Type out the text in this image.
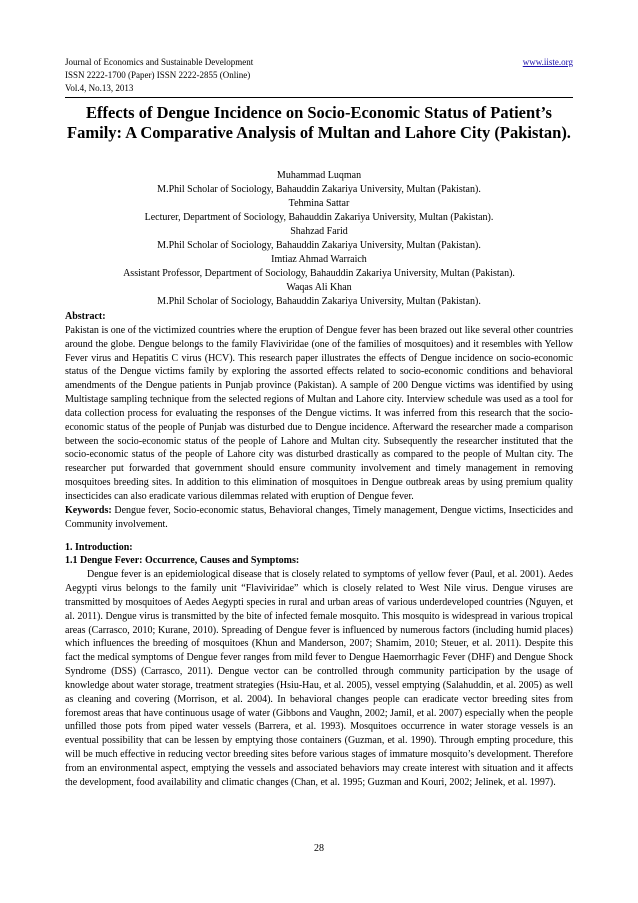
Journal of Economics and Sustainable Development
ISSN 2222-1700 (Paper) ISSN 2222-2855 (Online)
Vol.4, No.13, 2013
www.iiste.org
Effects of Dengue Incidence on Socio-Economic Status of Patient’s Family: A Comparative Analysis of Multan and Lahore City (Pakistan).
Muhammad Luqman
M.Phil Scholar of Sociology, Bahauddin Zakariya University, Multan (Pakistan).
Tehmina Sattar
Lecturer, Department of Sociology, Bahauddin Zakariya University, Multan (Pakistan).
Shahzad Farid
M.Phil Scholar of Sociology, Bahauddin Zakariya University, Multan (Pakistan).
Imtiaz Ahmad Warraich
Assistant Professor, Department of Sociology, Bahauddin Zakariya University, Multan (Pakistan).
Waqas Ali Khan
M.Phil Scholar of Sociology, Bahauddin Zakariya University, Multan (Pakistan).
Abstract:

Pakistan is one of the victimized countries where the eruption of Dengue fever has been brazed out like several other countries around the globe. Dengue belongs to the family Flaviviridae (one of the families of mosquitoes) and it resembles with Yellow Fever virus and Hepatitis C virus (HCV). This research paper illustrates the effects of Dengue incidence on socio-economic status of the Dengue victims family by exploring the assorted effects related to socio-economic conditions and behavioral amendments of the Dengue patients in Punjab province (Pakistan). A sample of 200 Dengue victims was identified by using Multistage sampling technique from the selected regions of Multan and Lahore city. Interview schedule was used as a tool for data collection process for evaluating the responses of the Dengue victims. It was inferred from this research that the socio-economic status of the people of Punjab was disturbed due to Dengue incidence. Afterward the researcher made a comparison between the socio-economic status of the people of Lahore and Multan city. Subsequently the researcher instituted that the socio-economic status of the people of Lahore city was disturbed drastically as compared to the people of Multan city. The researcher put forwarded that government should ensure community involvement and timely management in removing mosquitoes breeding sites. In addition to this elimination of mosquitoes in Dengue outbreak areas by using premium quality insecticides can also eradicate various dilemmas related with eruption of Dengue fever.

Keywords: Dengue fever, Socio-economic status, Behavioral changes, Timely management, Dengue victims, Insecticides and Community involvement.

1. Introduction:
1.1 Dengue Fever: Occurrence, Causes and Symptoms:

Dengue fever is an epidemiological disease that is closely related to symptoms of yellow fever (Paul, et al. 2001). Aedes Aegypti virus belongs to the family unit “Flaviviridae” which is closely related to West Nile virus. Dengue viruses are transmitted by mosquitoes of Aedes Aegypti species in rural and urban areas of various underdeveloped countries (Nguyen, et al. 2011). Dengue virus is transmitted by the bite of infected female mosquito. This mosquito is widespread in various tropical areas (Carrasco, 2010; Kurane, 2010). Spreading of Dengue fever is influenced by numerous factors (including humid places) which influences the breeding of mosquitoes (Khun and Manderson, 2007; Shamim, 2010; Steuer, et al. 2011). Despite this fact the medical symptoms of Dengue fever ranges from mild fever to Dengue Haemorrhagic Fever (DHF) and Dengue Shock Syndrome (DSS) (Carrasco, 2011). Dengue vector can be controlled through community participation by the usage of knowledge about water storage, treatment strategies (Hsiu-Hau, et al. 2005), vessel emptying (Salahuddin, et al. 2005) as well as cleaning and covering (Morrison, et al. 2004). In behavioral changes people can eradicate vector breeding sites from foremost areas that have continuous usage of water (Gibbons and Vaughn, 2002; Jamil, et al. 2007) especially when the people unfilled those pots from piped water vessels (Barrera, et al. 1993). Mosquitoes occurrence in water storage vessels is an eventual possibility that can be lessen by emptying those containers (Guzman, et al. 1990). Through empting procedure, this will be much effective in reducing vector breeding sites before various stages of immature mosquito’s development. Therefore from an environmental aspect, emptying the vessels and associated behaviors may create interest with situation and it affects the development, food availability and climatic changes (Chan, et al. 1995; Guzman and Kouri, 2002; Jelinek, et al. 1997).

28
